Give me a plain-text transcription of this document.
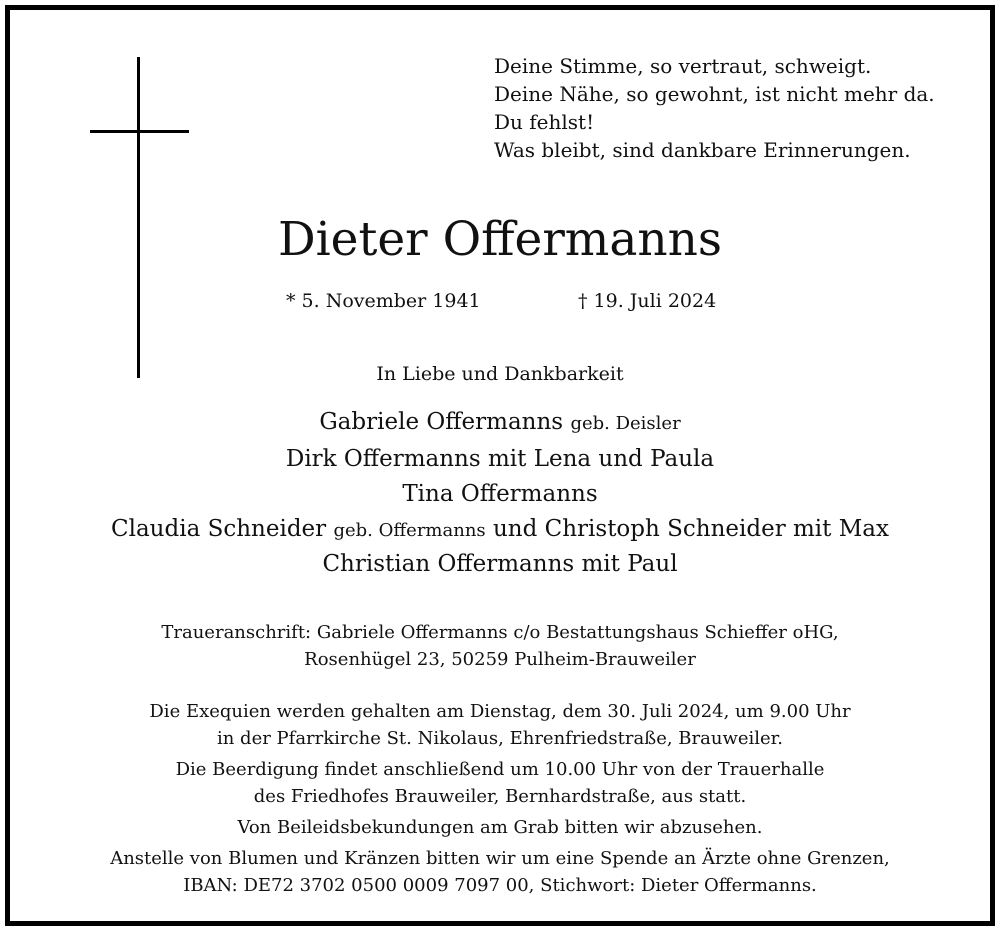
Deine Stimme, so vertraut, schweigt.
Deine Nähe, so gewohnt, ist nicht mehr da.
Du fehlst!
Was bleibt, sind dankbare Erinnerungen.
Dieter Offermanns
* 5. November 1941	† 19. Juli 2024
In Liebe und Dankbarkeit
Gabriele Offermanns geb. Deisler
Dirk Offermanns mit Lena und Paula
Tina Offermanns
Claudia Schneider geb. Offermanns und Christoph Schneider mit Max
Christian Offermanns mit Paul
Traueranschrift: Gabriele Offermanns c/o Bestattungshaus Schieffer oHG,
Rosenhügel 23, 50259 Pulheim-Brauweiler
Die Exequien werden gehalten am Dienstag, dem 30. Juli 2024, um 9.00 Uhr
in der Pfarrkirche St. Nikolaus, Ehrenfriedstraße, Brauweiler.
Die Beerdigung findet anschließend um 10.00 Uhr von der Trauerhalle
des Friedhofes Brauweiler, Bernhardstraße, aus statt.
Von Beileidsbekundungen am Grab bitten wir abzusehen.
Anstelle von Blumen und Kränzen bitten wir um eine Spende an Ärzte ohne Grenzen,
IBAN: DE72 3702 0500 0009 7097 00, Stichwort: Dieter Offermanns.
